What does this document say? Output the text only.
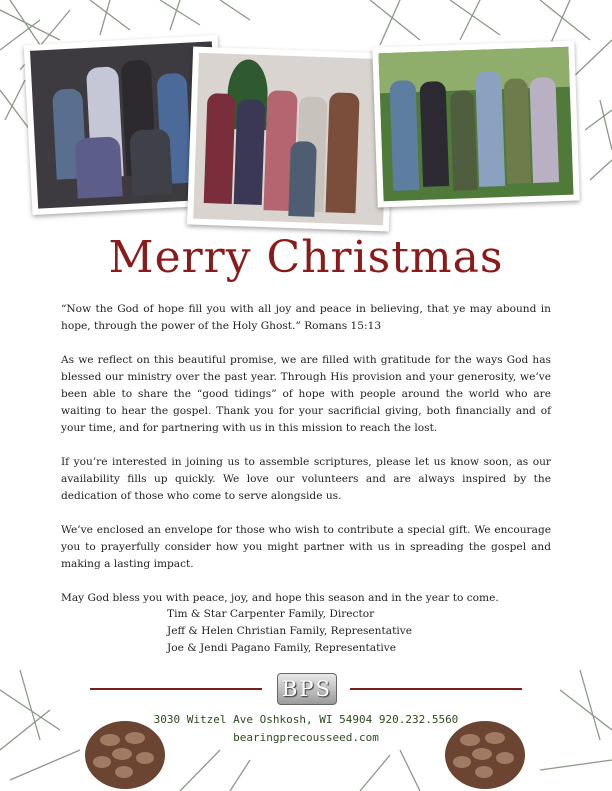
Merry Christmas

“Now the God of hope fill you with all joy and peace in believing, that ye may abound in hope, through the power of the Holy Ghost.” Romans 15:13

As we reflect on this beautiful promise, we are filled with gratitude for the ways God has blessed our ministry over the past year. Through His provision and your generosity, we’ve been able to share the “good tidings” of hope with people around the world who are waiting to hear the gospel. Thank you for your sacrificial giving, both financially and of your time, and for partnering with us in this mission to reach the lost.

If you’re interested in joining us to assemble scriptures, please let us know soon, as our availability fills up quickly. We love our volunteers and are always inspired by the dedication of those who come to serve alongside us.

We’ve enclosed an envelope for those who wish to contribute a special gift. We encourage you to prayerfully consider how you might partner with us in spreading the gospel and making a lasting impact.

May God bless you with peace, joy, and hope this season and in the year to come.

Tim & Star Carpenter Family, Director
Jeff & Helen Christian Family, Representative
Joe & Jendi Pagano Family, Representative
BPS
3030 Witzel Ave Oshkosh, WI 54904 920.232.5560
bearingprecousseed.com
